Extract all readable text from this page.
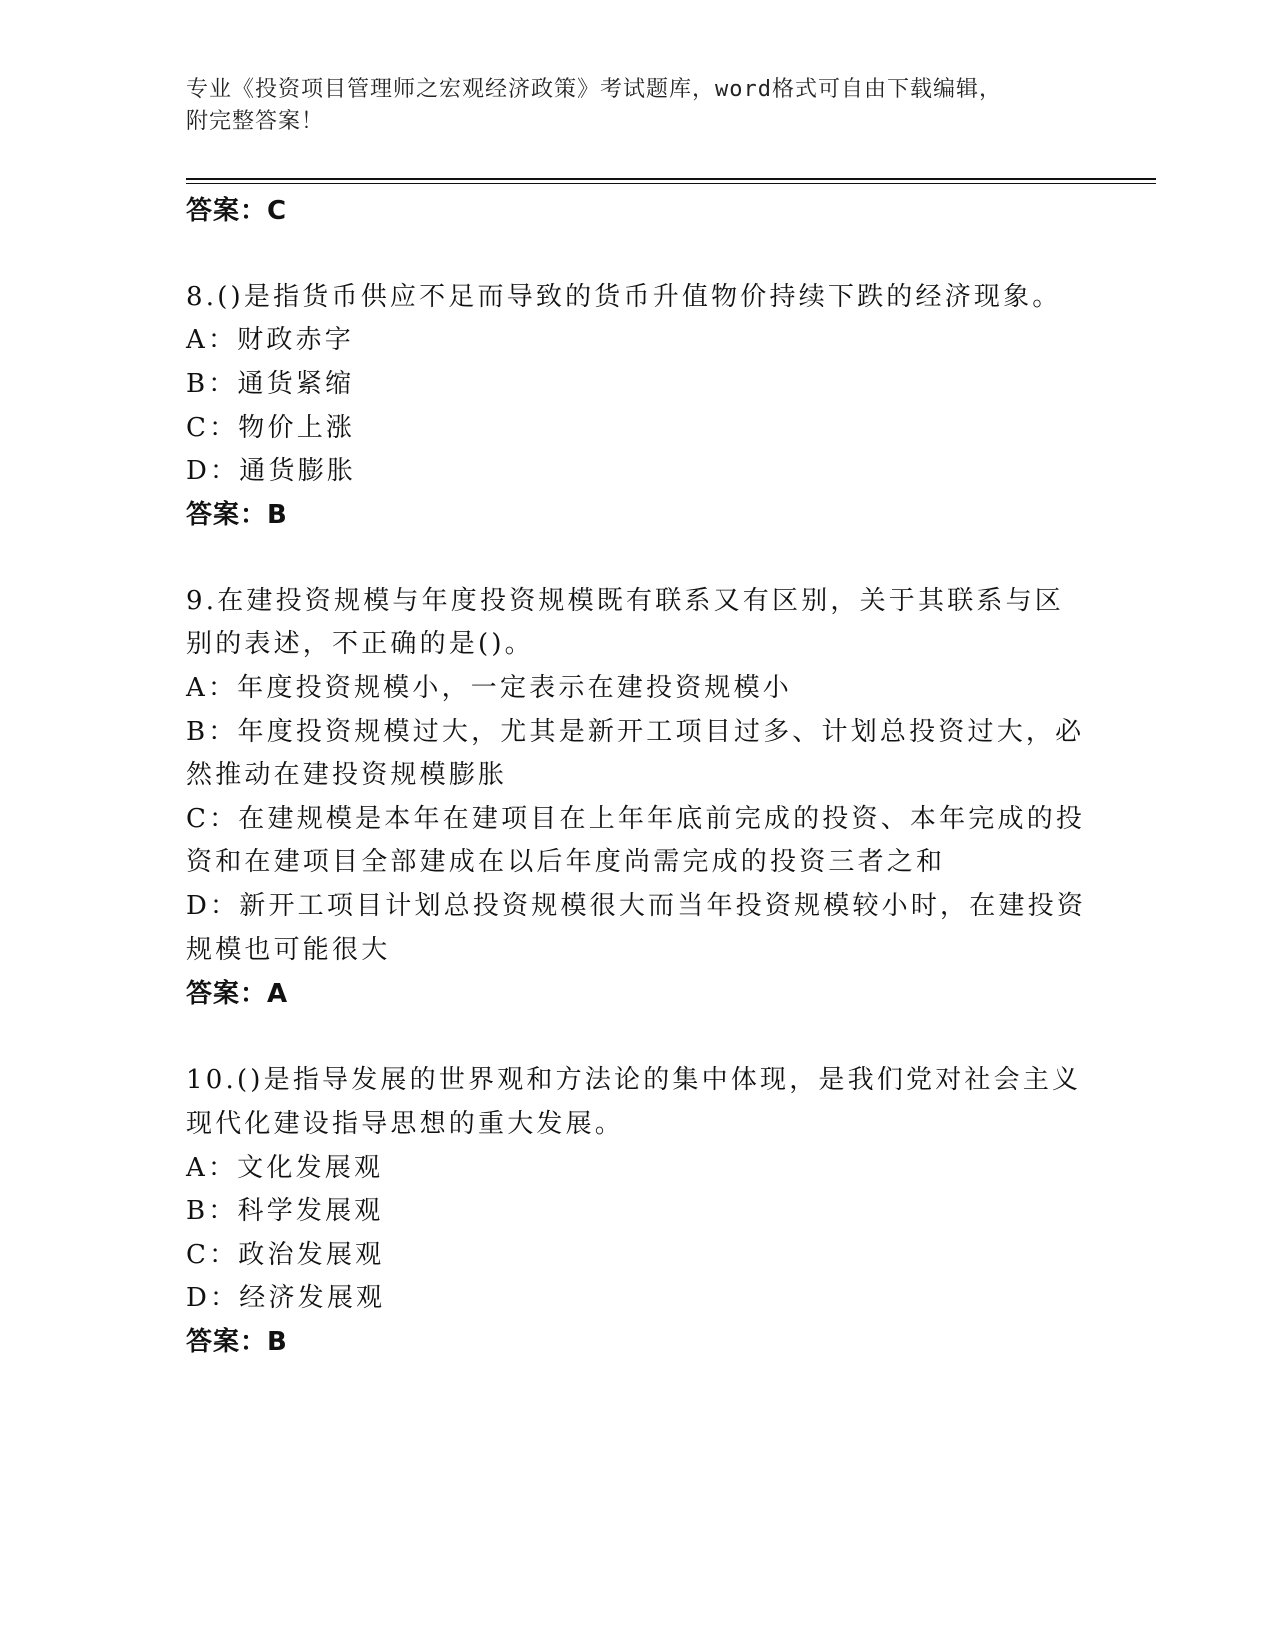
专业《投资项目管理师之宏观经济政策》考试题库，word格式可自由下载编辑，
附完整答案！
答案：C
8.()是指货币供应不足而导致的货币升值物价持续下跌的经济现象。
A：财政赤字
B：通货紧缩
C：物价上涨
D：通货膨胀
答案：B
9.在建投资规模与年度投资规模既有联系又有区别，关于其联系与区
别的表述，不正确的是()。
A：年度投资规模小，一定表示在建投资规模小
B：年度投资规模过大，尤其是新开工项目过多、计划总投资过大，必
然推动在建投资规模膨胀
C：在建规模是本年在建项目在上年年底前完成的投资、本年完成的投
资和在建项目全部建成在以后年度尚需完成的投资三者之和
D：新开工项目计划总投资规模很大而当年投资规模较小时，在建投资
规模也可能很大
答案：A
10.()是指导发展的世界观和方法论的集中体现，是我们党对社会主义
现代化建设指导思想的重大发展。
A：文化发展观
B：科学发展观
C：政治发展观
D：经济发展观
答案：B
